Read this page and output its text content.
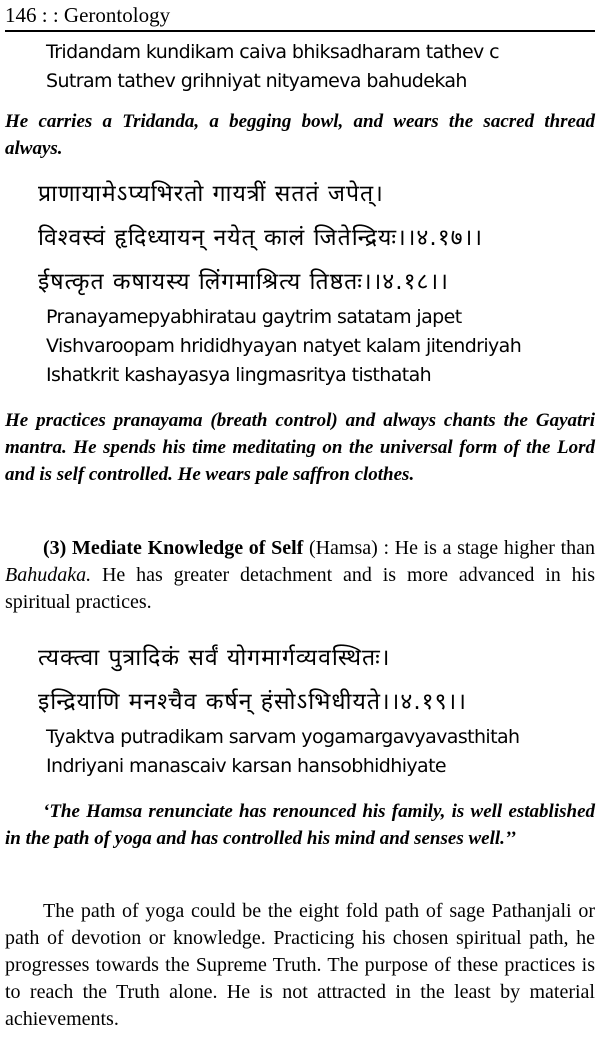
146 : : Gerontology
Tridandam kundikam caiva bhiksadharam tathev c
Sutram tathev grihniyat nityameva bahudekah
He carries a Tridanda, a begging bowl, and wears the sacred thread always.
प्राणायामेऽप्यभिरतो गायत्रीं सततं जपेत्।
विश्वस्वं हृदिध्यायन् नयेत् कालं जितेन्द्रियः।।४.१७।।
ईषत्कृत कषायस्य लिंगमाश्रित्य तिष्ठतः।।४.१८।।
Pranayamepyabhiratau gaytrim satatam japet
Vishvaroopam hrididhyayan natyet kalam jitendriyah
Ishatkrit kashayasya lingmasritya tisthatah
He practices pranayama (breath control) and always chants the Gayatri mantra. He spends his time meditating on the universal form of the Lord and is self controlled. He wears pale saffron clothes.
(3) Mediate Knowledge of Self (Hamsa) : He is a stage higher than Bahudaka. He has greater detachment and is more advanced in his spiritual practices.
त्यक्त्वा पुत्रादिकं सर्वं योगमार्गव्यवस्थितः।
इन्द्रियाणि मनश्चैव कर्षन् हंसोऽभिधीयते।।४.१९।।
Tyaktva putradikam sarvam yogamargavyavasthitah
Indriyani manascaiv karsan hansobhidhiyate
‘The Hamsa renunciate has renounced his family, is well established in the path of yoga and has controlled his mind and senses well.’’
The path of yoga could be the eight fold path of sage Pathanjali or path of devotion or knowledge. Practicing his chosen spiritual path, he progresses towards the Supreme Truth. The purpose of these practices is to reach the Truth alone. He is not attracted in the least by material achievements.
